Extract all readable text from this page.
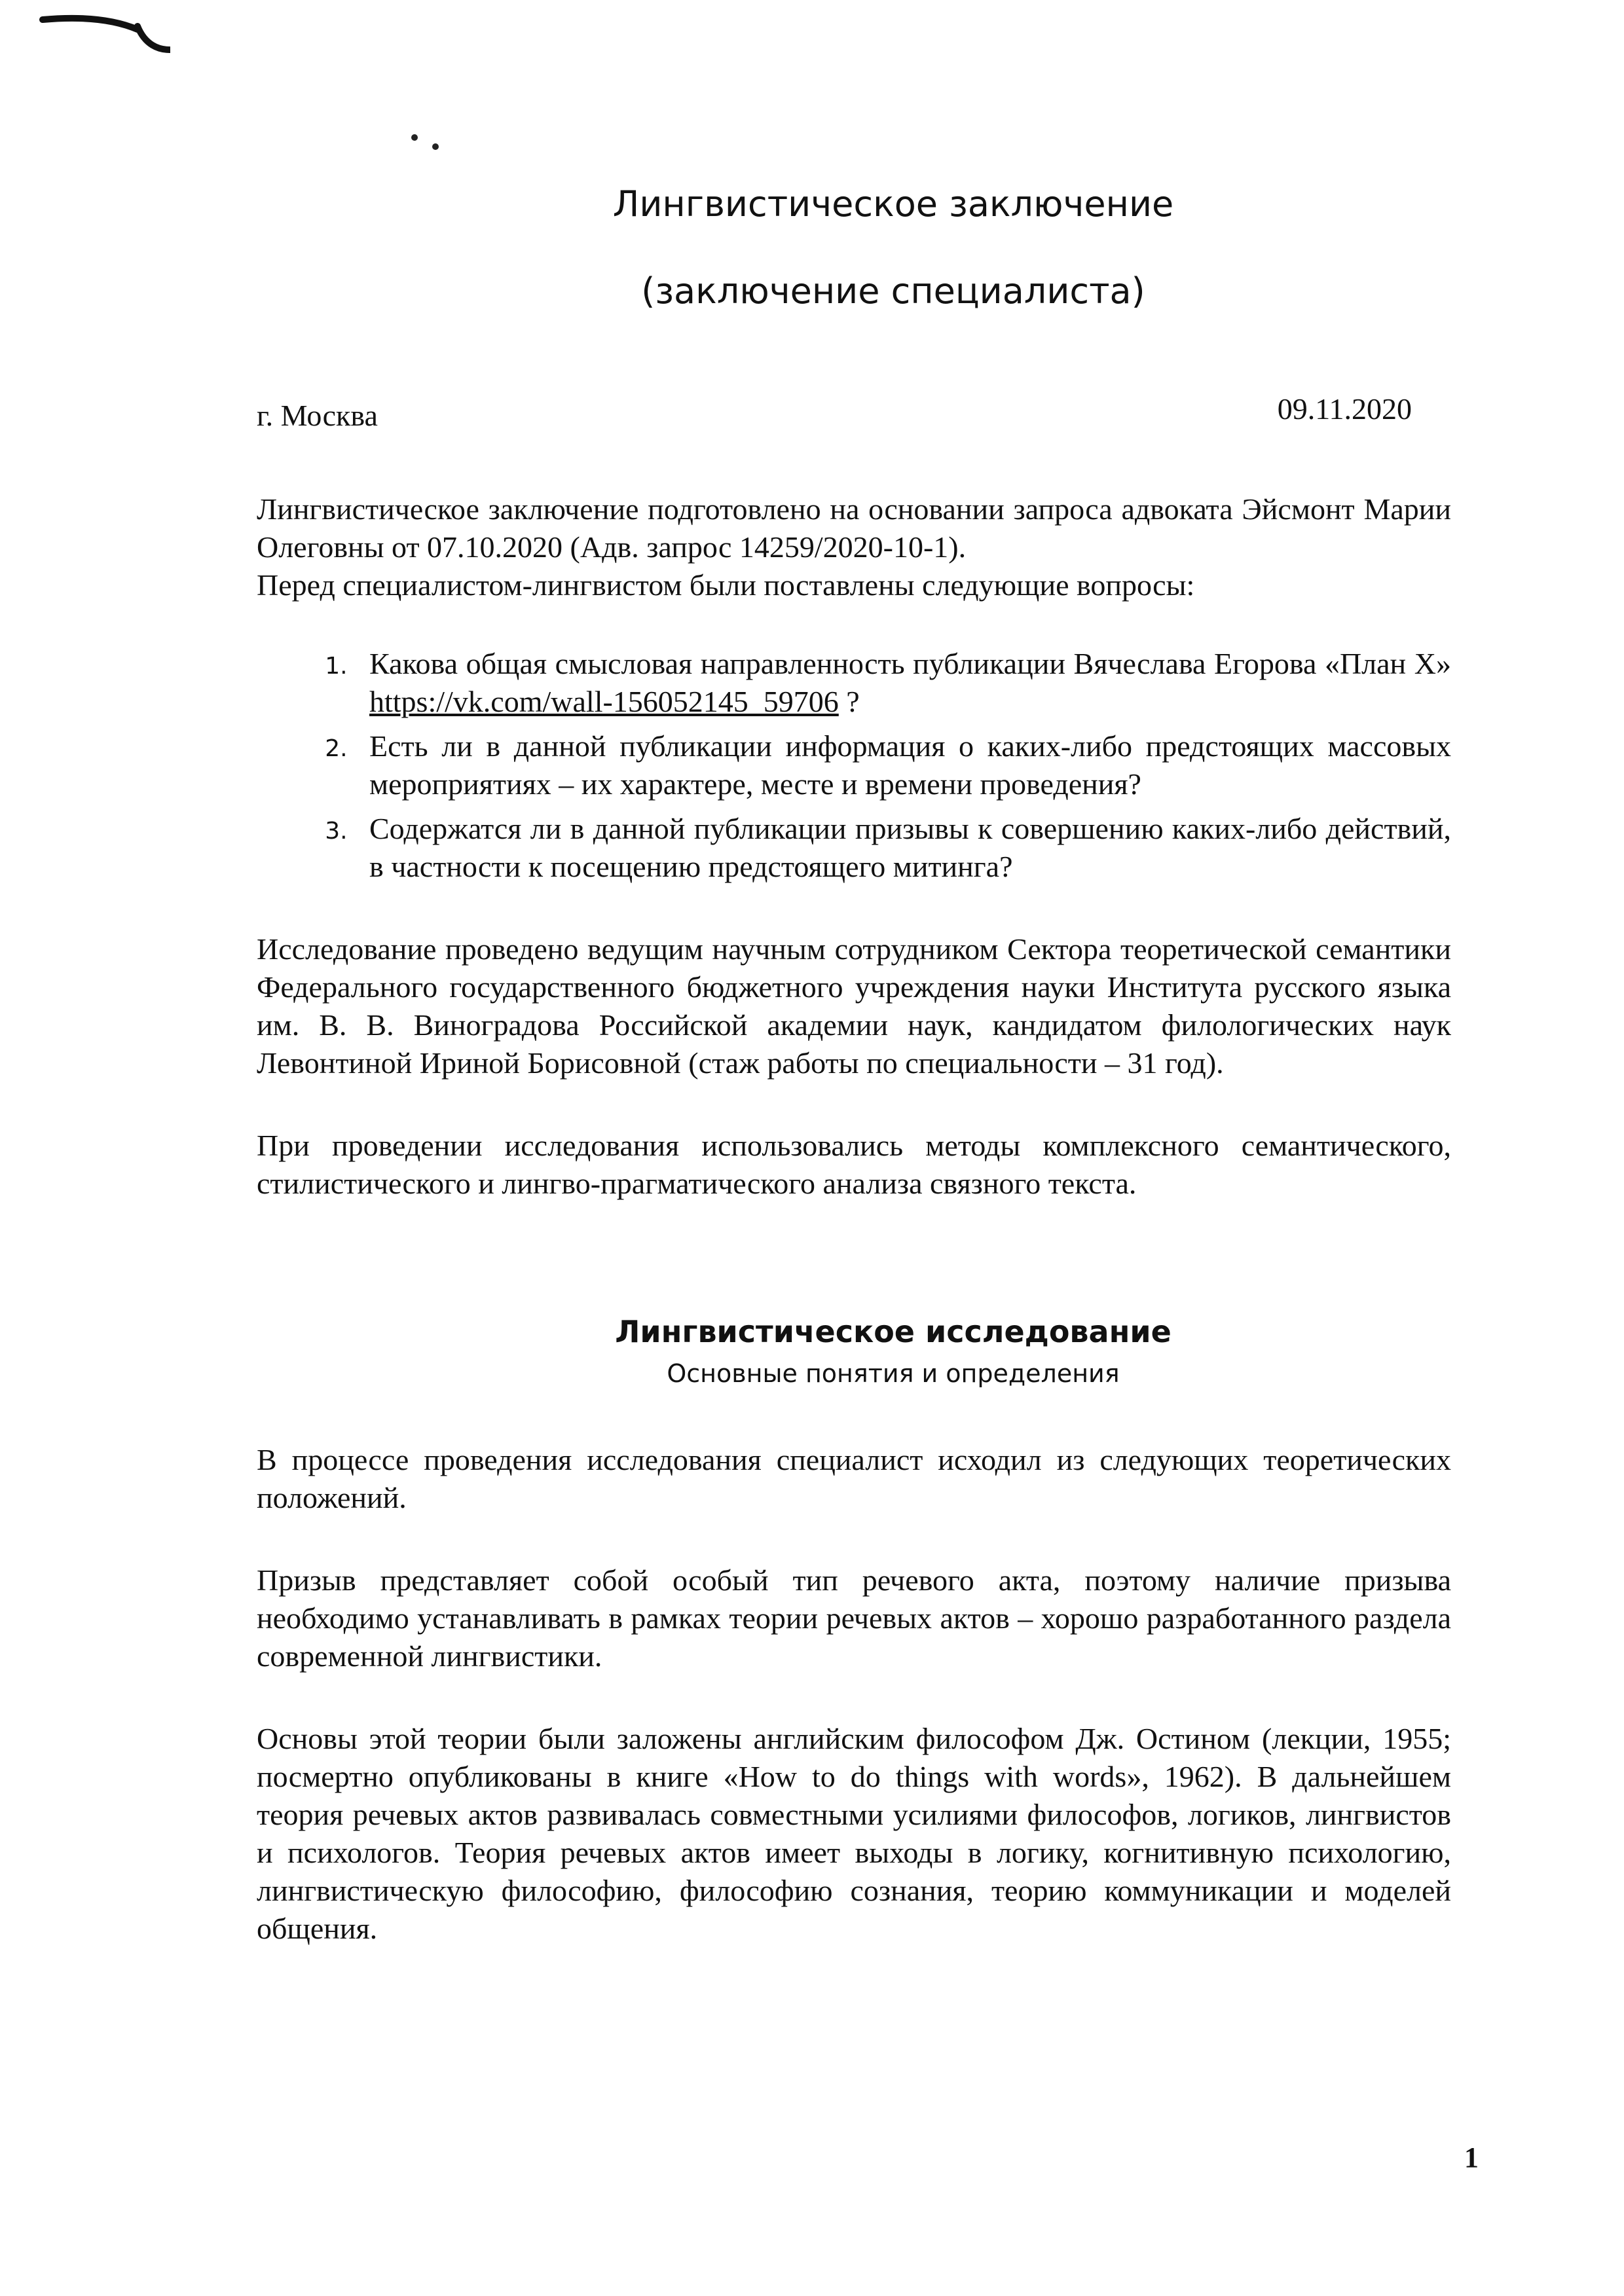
Лингвистическое заключение
(заключение специалиста)
г. Москва	09.11.2020

Лингвистическое заключение подготовлено на основании запроса адвоката Эйсмонт Марии Олеговны от 07.10.2020 (Адв. запрос 14259/2020-10-1).

Перед специалистом-лингвистом были поставлены следующие вопросы:

1. Какова общая смысловая направленность публикации Вячеслава Егорова «План Х» https://vk.com/wall-156052145_59706 ?
2. Есть ли в данной публикации информация о каких-либо предстоящих массовых мероприятиях – их характере, месте и времени проведения?
3. Содержатся ли в данной публикации призывы к совершению каких-либо действий, в частности к посещению предстоящего митинга?

Исследование проведено ведущим научным сотрудником Сектора теоретической семантики Федерального государственного бюджетного учреждения науки Института русского языка им. В. В. Виноградова Российской академии наук, кандидатом филологических наук Левонтиной Ириной Борисовной (стаж работы по специальности – 31 год).

При проведении исследования использовались методы комплексного семантического, стилистического и лингво-прагматического анализа связного текста.

Лингвистическое исследование
Основные понятия и определения

В процессе проведения исследования специалист исходил из следующих теоретических положений.

Призыв представляет собой особый тип речевого акта, поэтому наличие призыва необходимо устанавливать в рамках теории речевых актов – хорошо разработанного раздела современной лингвистики.

Основы этой теории были заложены английским философом Дж. Остином (лекции, 1955; посмертно опубликованы в книге «How to do things with words», 1962). В дальнейшем теория речевых актов развивалась совместными усилиями философов, логиков, лингвистов и психологов. Теория речевых актов имеет выходы в логику, когнитивную психологию, лингвистическую философию, философию сознания, теорию коммуникации и моделей общения.

1
